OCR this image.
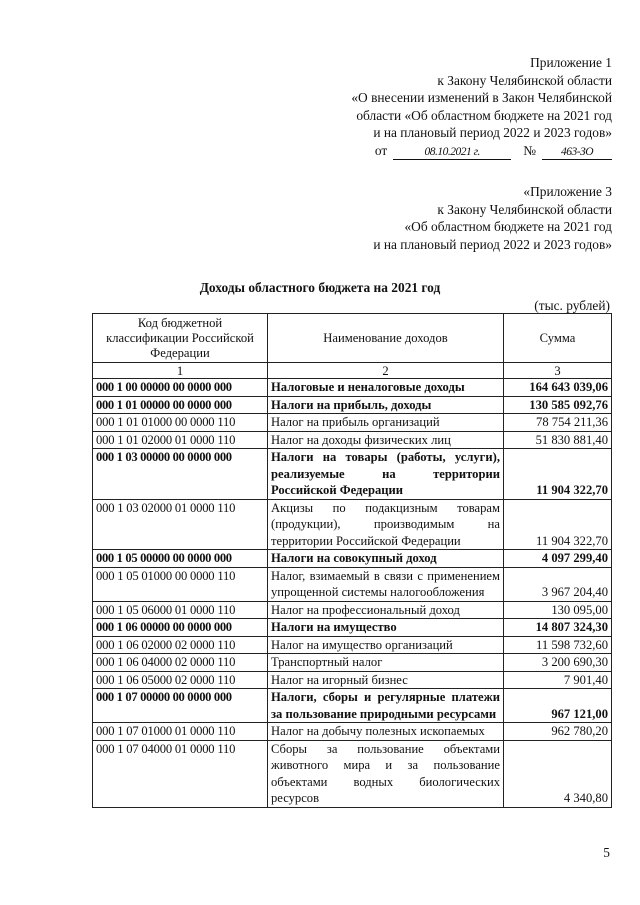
Приложение 1
к Закону Челябинской области
«О внесении изменений в Закон Челябинской
области «Об областном бюджете на 2021 год
и на плановый период 2022 и 2023 годов»
от	08.10.2021 г.	№	463-ЗО
«Приложение 3
к Закону Челябинской области
«Об областном бюджете на 2021 год
и на плановый период 2022 и 2023 годов»
Доходы областного бюджета на 2021 год
(тыс. рублей)
Код бюджетной классификации Российской Федерации	Наименование доходов	Сумма
1	2	3
000 1 00 00000 00 0000 000	Налоговые и неналоговые доходы	164 643 039,06
000 1 01 00000 00 0000 000	Налоги на прибыль, доходы	130 585 092,76
000 1 01 01000 00 0000 110	Налог на прибыль организаций	78 754 211,36
000 1 01 02000 01 0000 110	Налог на доходы физических лиц	51 830 881,40
000 1 03 00000 00 0000 000	Налоги на товары (работы, услуги), реализуемые на территории Российской Федерации	11 904 322,70
000 1 03 02000 01 0000 110	Акцизы по подакцизным товарам (продукции), производимым на территории Российской Федерации	11 904 322,70
000 1 05 00000 00 0000 000	Налоги на совокупный доход	4 097 299,40
000 1 05 01000 00 0000 110	Налог, взимаемый в связи с применением упрощенной системы налогообложения	3 967 204,40
000 1 05 06000 01 0000 110	Налог на профессиональный доход	130 095,00
000 1 06 00000 00 0000 000	Налоги на имущество	14 807 324,30
000 1 06 02000 02 0000 110	Налог на имущество организаций	11 598 732,60
000 1 06 04000 02 0000 110	Транспортный налог	3 200 690,30
000 1 06 05000 02 0000 110	Налог на игорный бизнес	7 901,40
000 1 07 00000 00 0000 000	Налоги, сборы и регулярные платежи за пользование природными ресурсами	967 121,00
000 1 07 01000 01 0000 110	Налог на добычу полезных ископаемых	962 780,20
000 1 07 04000 01 0000 110	Сборы за пользование объектами животного мира и за пользование объектами водных биологических ресурсов	4 340,80
5
